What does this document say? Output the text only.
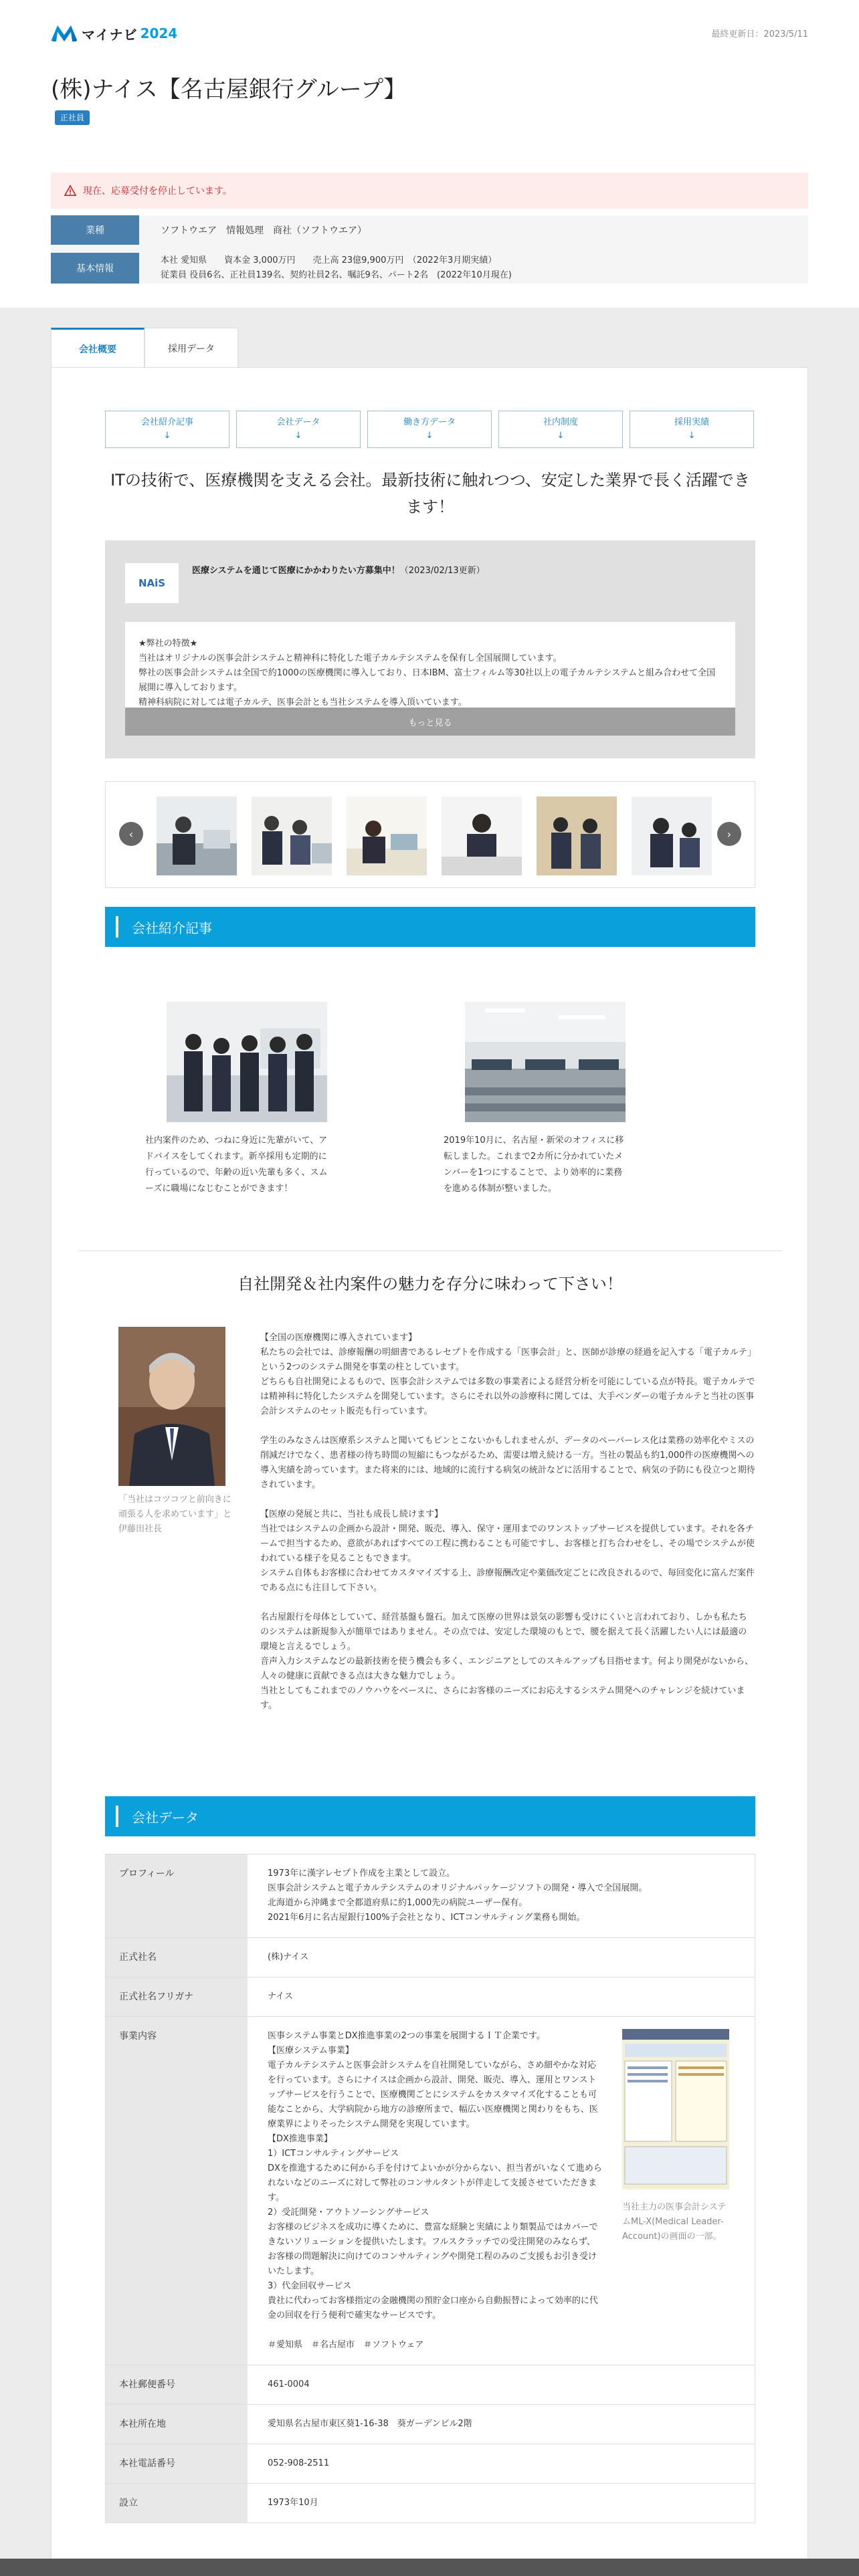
マイナビ 2024	最終更新日：2023/5/11
(株)ナイス【名古屋銀行グループ】
正社員
現在、応募受付を停止しています。
業種	ソフトウエア　情報処理　商社（ソフトウエア）
基本情報
本社 愛知県　　資本金 3,000万円　　売上高 23億9,900万円　（2022年3月期実績）
従業員 役員6名、正社員139名、契約社員2名、嘱託9名、パート2名　(2022年10月現在)
会社概要	採用データ
会社紹介記事
↓
会社データ
↓
働き方データ
↓
社内制度
↓
採用実績
↓
ITの技術で、医療機関を支える会社。最新技術に触れつつ、安定した業界で長く活躍できます！
NAiS
医療システムを通じて医療にかかわりたい方募集中！（2023/02/13更新）
★弊社の特徴★
当社はオリジナルの医事会計システムと精神科に特化した電子カルテシステムを保有し全国展開しています。
弊社の医事会計システムは全国で約1000の医療機関に導入しており、日本IBM、富士フィルム等30社以上の電子カルテシステムと組み合わせて全国展開に導入しております。
精神科病院に対しては電子カルテ、医事会計とも当社システムを導入頂いています。
もっと見る
‹	›
会社紹介記事
社内案件のため、つねに身近に先輩がいて、アドバイスをしてくれます。新卒採用も定期的に行っているので、年齢の近い先輩も多く、スムーズに職場になじむことができます！
2019年10月に、名古屋・新栄のオフィスに移転しました。これまで2カ所に分かれていたメンバーを1つにすることで、より効率的に業務を進める体制が整いました。
自社開発＆社内案件の魅力を存分に味わって下さい！
「当社はコツコツと前向きに頑張る人を求めています」と伊藤田社長

【全国の医療機関に導入されています】
私たちの会社では、診療報酬の明細書であるレセプトを作成する「医事会計」と、医師が診療の経過を記入する「電子カルテ」という2つのシステム開発を事業の柱としています。
どちらも自社開発によるもので、医事会計システムでは多数の事業者による経営分析を可能にしている点が特長。電子カルテでは精神科に特化したシステムを開発しています。さらにそれ以外の診療科に関しては、大手ベンダーの電子カルテと当社の医事会計システムのセット販売も行っています。

学生のみなさんは医療系システムと聞いてもピンとこないかもしれませんが、データのペーパーレス化は業務の効率化やミスの削減だけでなく、患者様の待ち時間の短縮にもつながるため、需要は増え続ける一方。当社の製品も約1,000件の医療機関への導入実績を誇っています。また将来的には、地域的に流行する病気の統計などに活用することで、病気の予防にも役立つと期待されています。

【医療の発展と共に、当社も成長し続けます】
当社ではシステムの企画から設計・開発、販売、導入、保守・運用までのワンストップサービスを提供しています。それを各チームで担当するため、意欲があればすべての工程に携わることも可能ですし、お客様と打ち合わせをし、その場でシステムが使われている様子を見ることもできます。
システム自体もお客様に合わせてカスタマイズする上、診療報酬改定や薬価改定ごとに改良されるので、毎回変化に富んだ案件である点にも注目して下さい。

名古屋銀行を母体としていて、経営基盤も盤石。加えて医療の世界は景気の影響も受けにくいと言われており、しかも私たちのシステムは新規参入が簡単ではありません。その点では、安定した環境のもとで、腰を据えて長く活躍したい人には最適の環境と言えるでしょう。
音声入力システムなどの最新技術を使う機会も多く、エンジニアとしてのスキルアップも目指せます。何より開発がないから、人々の健康に貢献できる点は大きな魅力でしょう。
当社としてもこれまでのノウハウをベースに、さらにお客様のニーズにお応えするシステム開発へのチャレンジを続けています。

会社データ
プロフィール	1973年に漢字レセプト作成を主業として設立。
医事会計システムと電子カルテシステムのオリジナルパッケージソフトの開発・導入で全国展開。
北海道から沖縄まで全都道府県に約1,000先の病院ユーザー保有。
2021年6月に名古屋銀行100%子会社となり、ICTコンサルティング業務も開始。
正式社名	(株)ナイス
正式社名フリガナ	ナイス
事業内容	医事システム事業とDX推進事業の2つの事業を展開するＩＴ企業です。
【医療システム事業】
電子カルテシステムと医事会計システムを自社開発していながら、さめ細やかな対応を行っています。さらにナイスは企画から設計、開発、販売、導入、運用とワンストップサービスを行うことで、医療機関ごとにシステムをカスタマイズ化することも可能なことから、大学病院から地方の診療所まで、幅広い医療機関と関わりをもち、医療業界によりそったシステム開発を実現しています。
【DX推進事業】
1）ICTコンサルティングサービス
DXを推進するために何から手を付けてよいかが分からない、担当者がいなくて進められないなどのニーズに対して弊社のコンサルタントが伴走して支援させていただきます。
2）受託開発・アウトソーシングサービス
お客様のビジネスを成功に導くために、豊富な経験と実績により類製品ではカバーできないソリューションを提供いたします。フルスクラッチでの受注開発のみならず、お客様の問題解決に向けてのコンサルティングや開発工程のみのご支援もお引き受けいたします。
3）代金回収サービス
貴社に代わってお客様指定の金融機関の預貯金口座から自動振替によって効率的に代金の回収を行う便利で確実なサービスです。
＃愛知県　＃名古屋市　＃ソフトウェア
当社主力の医事会計システムML-X(Medical Leader-Account)の画面の一部。
本社郵便番号	461-0004
本社所在地	愛知県名古屋市東区葵1-16-38　葵ガーデンビル2階
本社電話番号	052-908-2511
設立	1973年10月
